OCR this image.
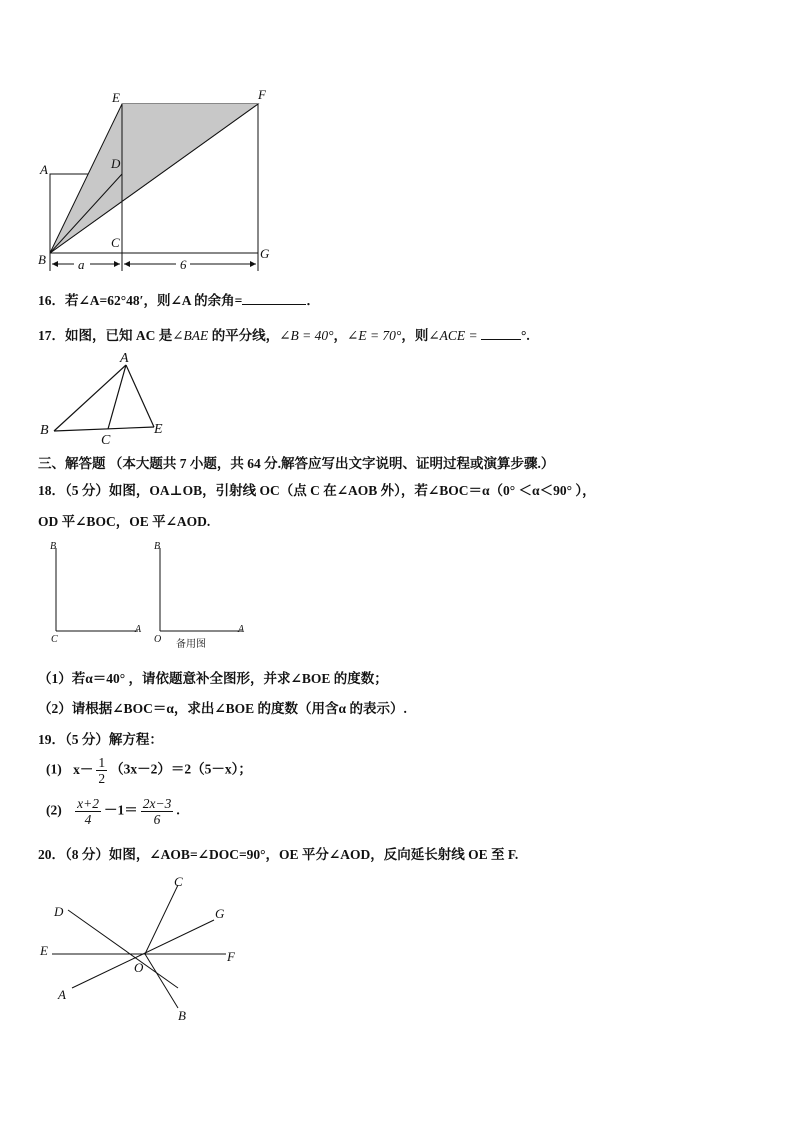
a	6
A
B
C
D
E	F
G
16．若∠A=62°48′，则∠A 的余角=	．
17．如图，已知 AC 是∠BAE 的平分线，∠B = 40°，∠E = 70°，则∠ACE =	°.
A
B
C
E
三、解答题 （本大题共 7 小题，共 64 分.解答应写出文字说明、证明过程或演算步骤.）
18．（5 分）如图，OA⊥OB，引射线 OC（点 C 在∠AOB 外），若∠BOC＝α（0° ＜α＜90° ），
OD 平∠BOC，OE 平∠AOD.
B
C
A
B
O
A
备用图
（1）若α＝40° ，请依题意补全图形，并求∠BOE 的度数；
（2）请根据∠BOC＝α，求出∠BOE 的度数（用含α 的表示）.
19．（5 分）解方程：
(1) $x- \frac{1}{2} (3x-2)=2(5-x)$；
$(2) \frac{x+2}{4} -1= \frac{2x-3}{6}$ .
20．（8 分）如图，∠AOB=∠DOC=90°，OE 平分∠AOD，反向延长射线 OE 至 F.
C
D	G
E	F
O
A
B
